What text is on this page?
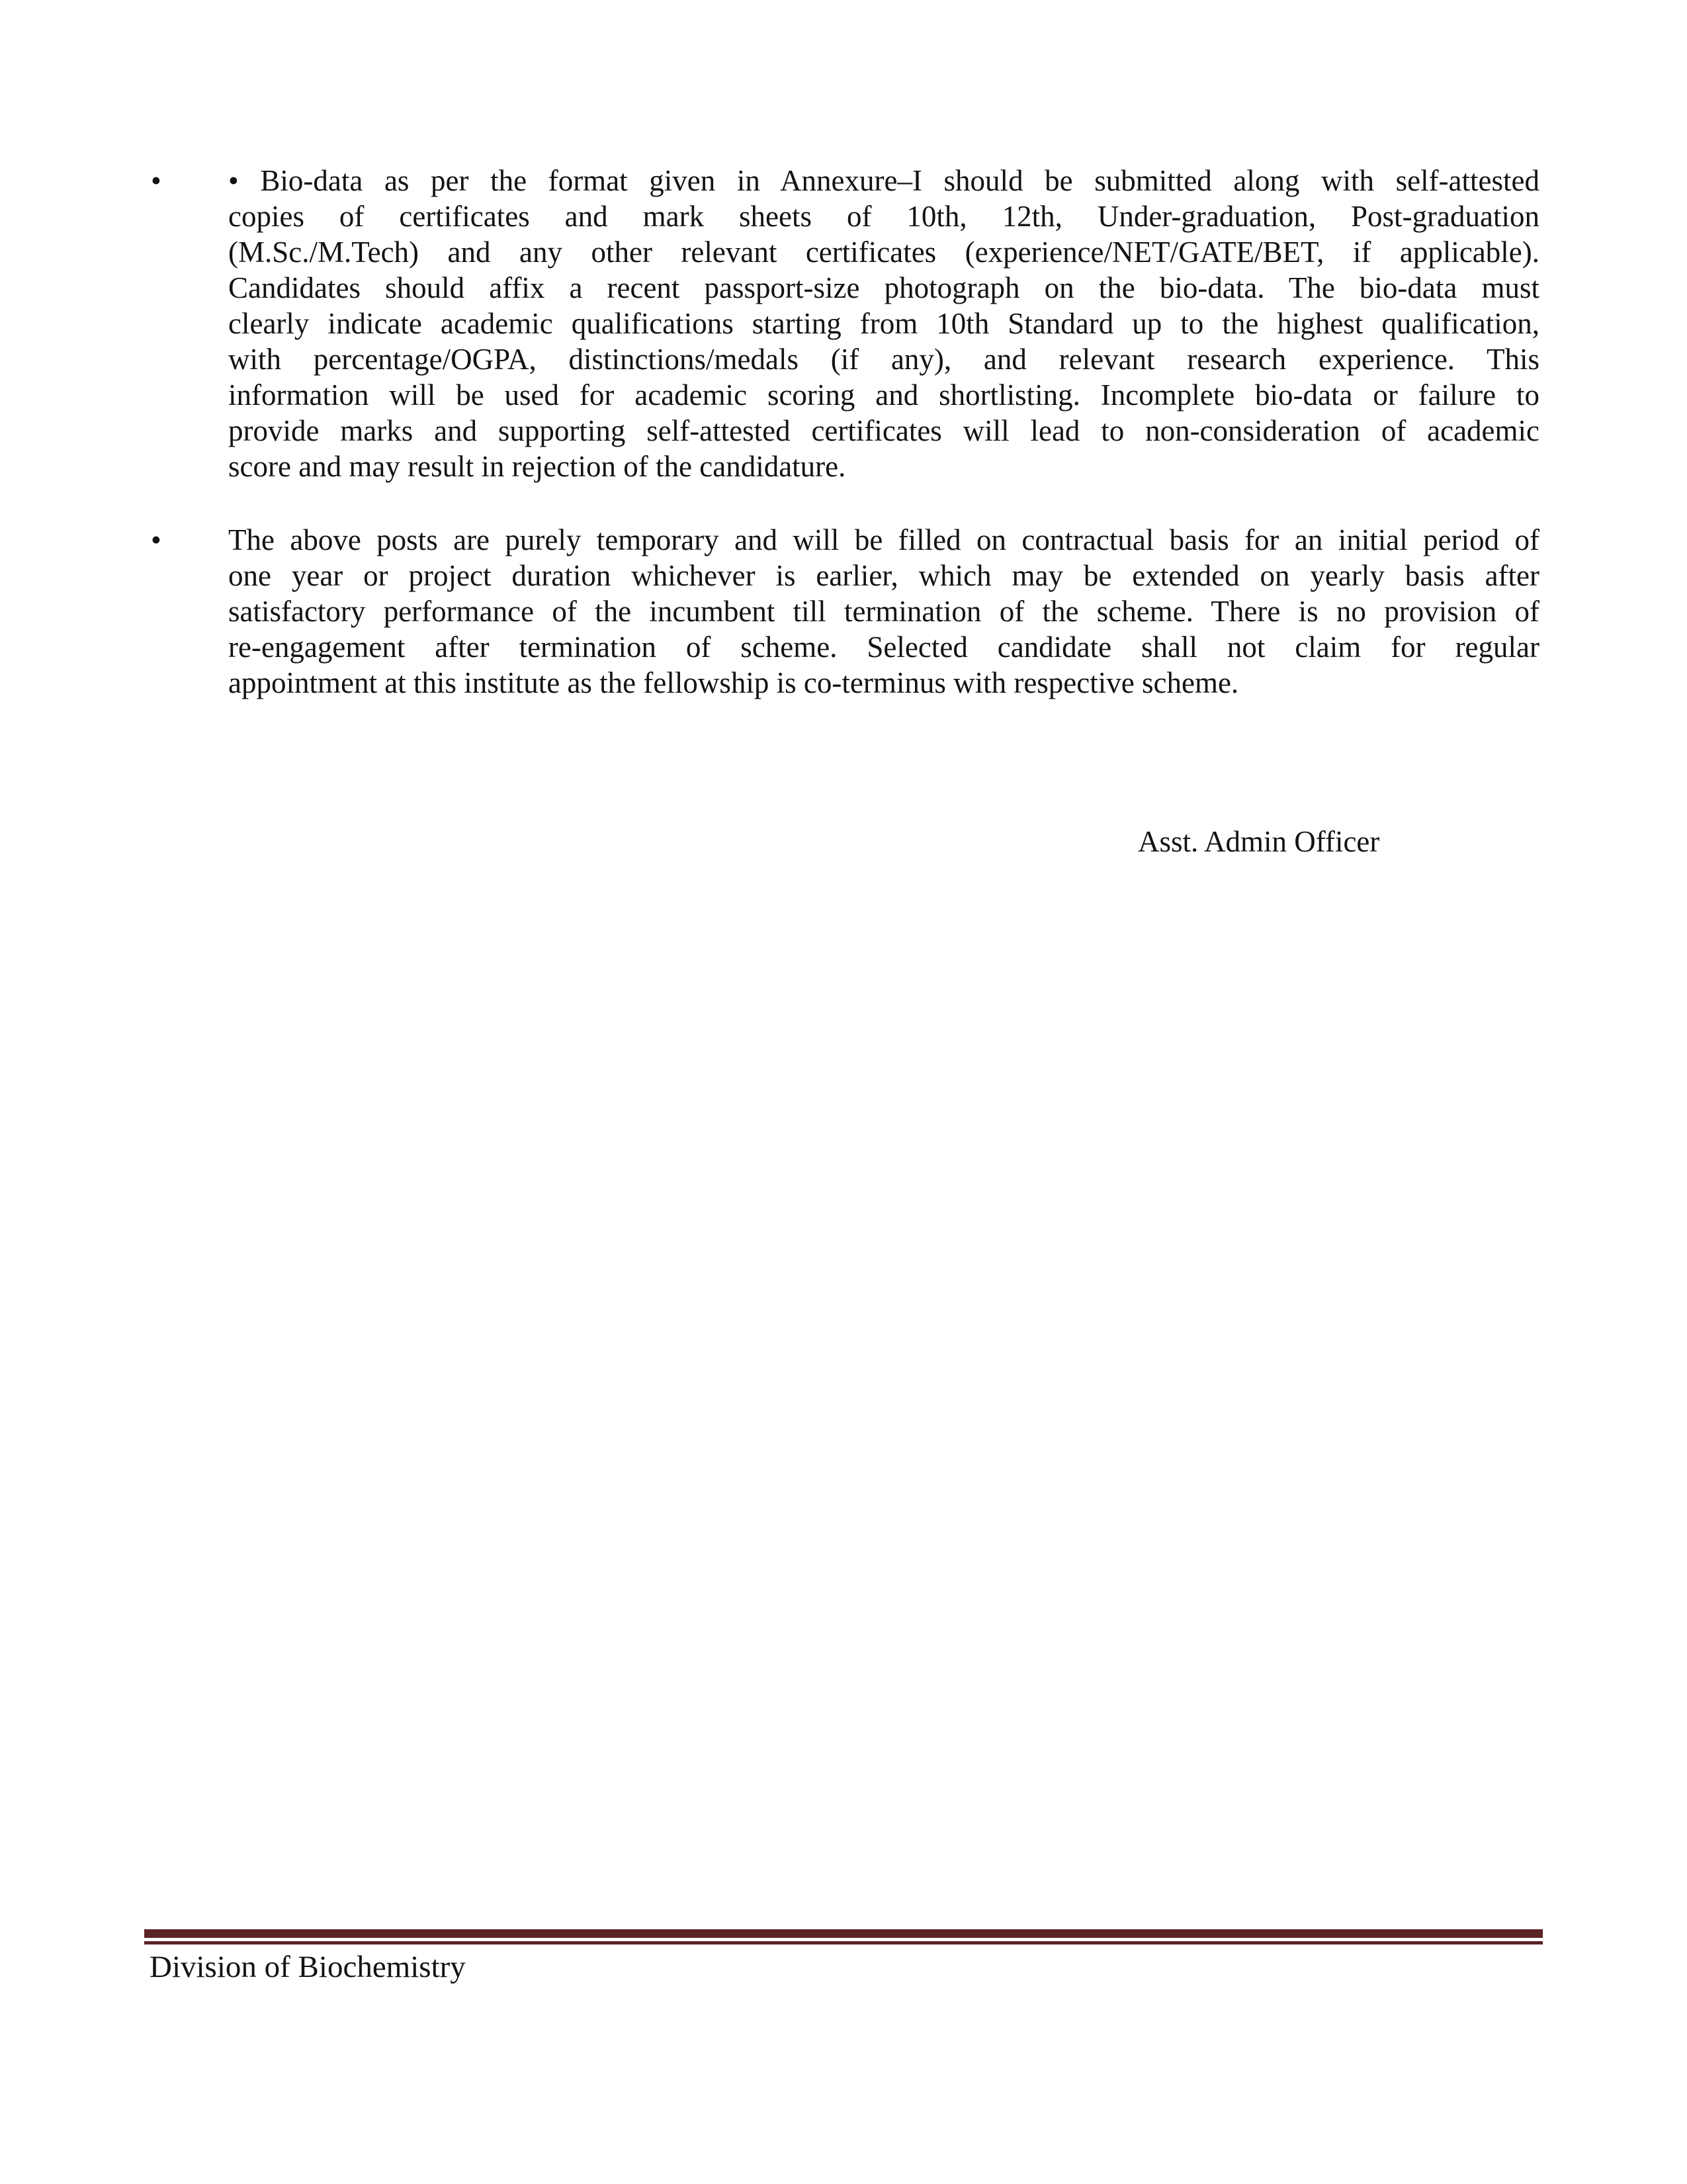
• • Bio-data as per the format given in Annexure–I should be submitted along with self-attested
copies of certificates and mark sheets of 10th, 12th, Under-graduation, Post-graduation
(M.Sc./M.Tech) and any other relevant certificates (experience/NET/GATE/BET, if applicable).
Candidates should affix a recent passport-size photograph on the bio-data. The bio-data must
clearly indicate academic qualifications starting from 10th Standard up to the highest qualification,
with percentage/OGPA, distinctions/medals (if any), and relevant research experience. This
information will be used for academic scoring and shortlisting. Incomplete bio-data or failure to
provide marks and supporting self-attested certificates will lead to non-consideration of academic
score and may result in rejection of the candidature.
• The above posts are purely temporary and will be filled on contractual basis for an initial period of
one year or project duration whichever is earlier, which may be extended on yearly basis after
satisfactory performance of the incumbent till termination of the scheme. There is no provision of
re-engagement after termination of scheme. Selected candidate shall not claim for regular
appointment at this institute as the fellowship is co-terminus with respective scheme.
Asst. Admin Officer
Division of Biochemistry
